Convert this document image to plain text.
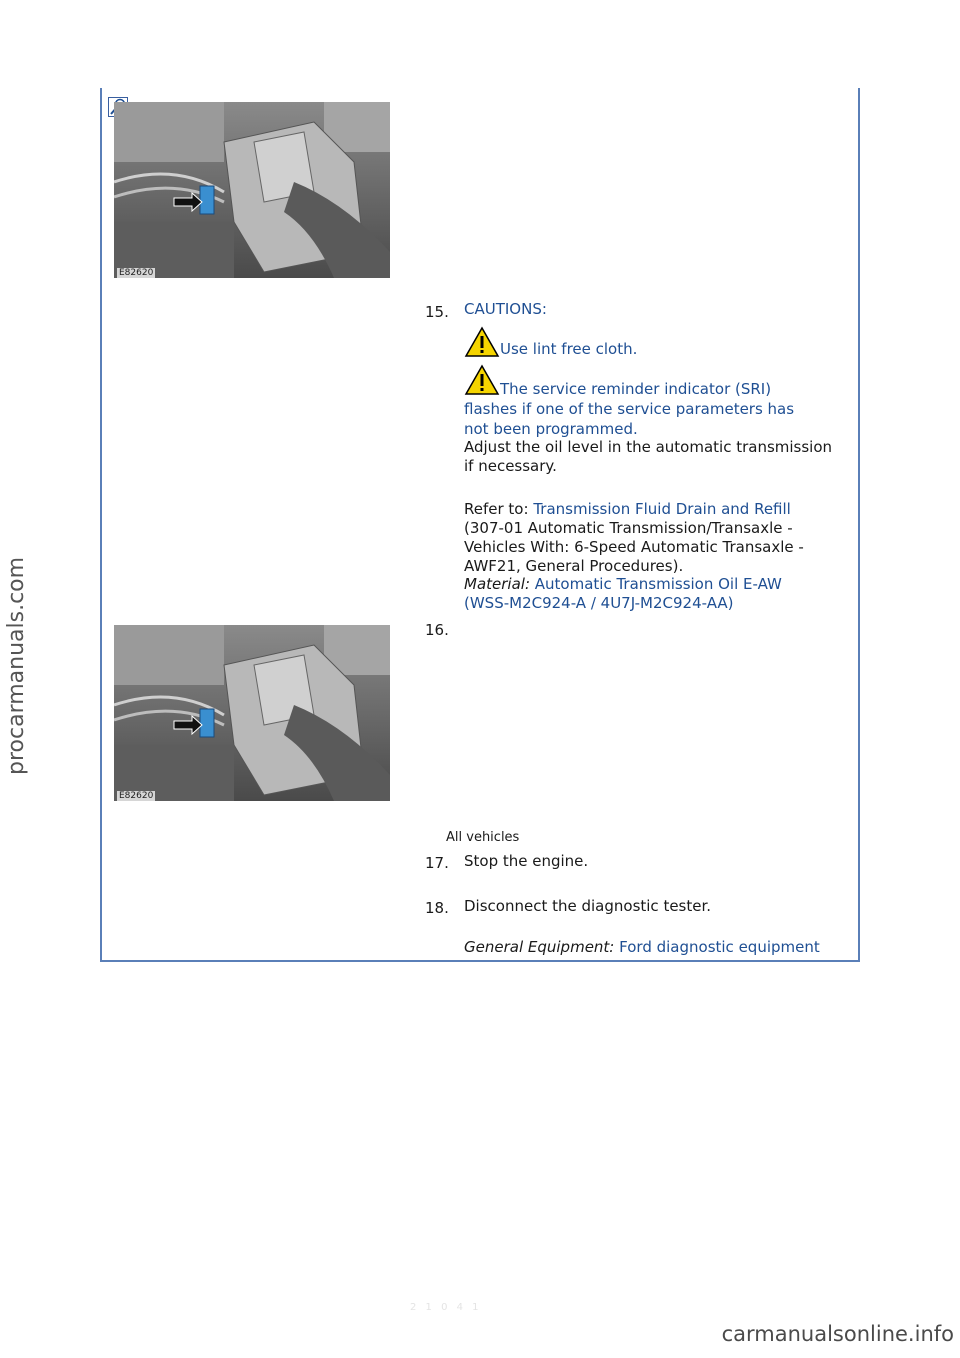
E82620
15. CAUTIONS:
Use lint free cloth.
The service reminder indicator (SRI)
flashes if one of the service parameters has
not been programmed.
Adjust the oil level in the automatic transmission
if necessary.
Refer to: Transmission Fluid Drain and Refill
(307-01 Automatic Transmission/Transaxle -
Vehicles With: 6-Speed Automatic Transaxle -
AWF21, General Procedures).
Material: Automatic Transmission Oil E-AW
(WSS-M2C924-A / 4U7J-M2C924-AA)
16.
E82620
All vehicles
17. Stop the engine.
18. Disconnect the diagnostic tester.
General Equipment: Ford diagnostic equipment
2 1 0 4 1
procarmanuals.com
carmanualsonline.info
